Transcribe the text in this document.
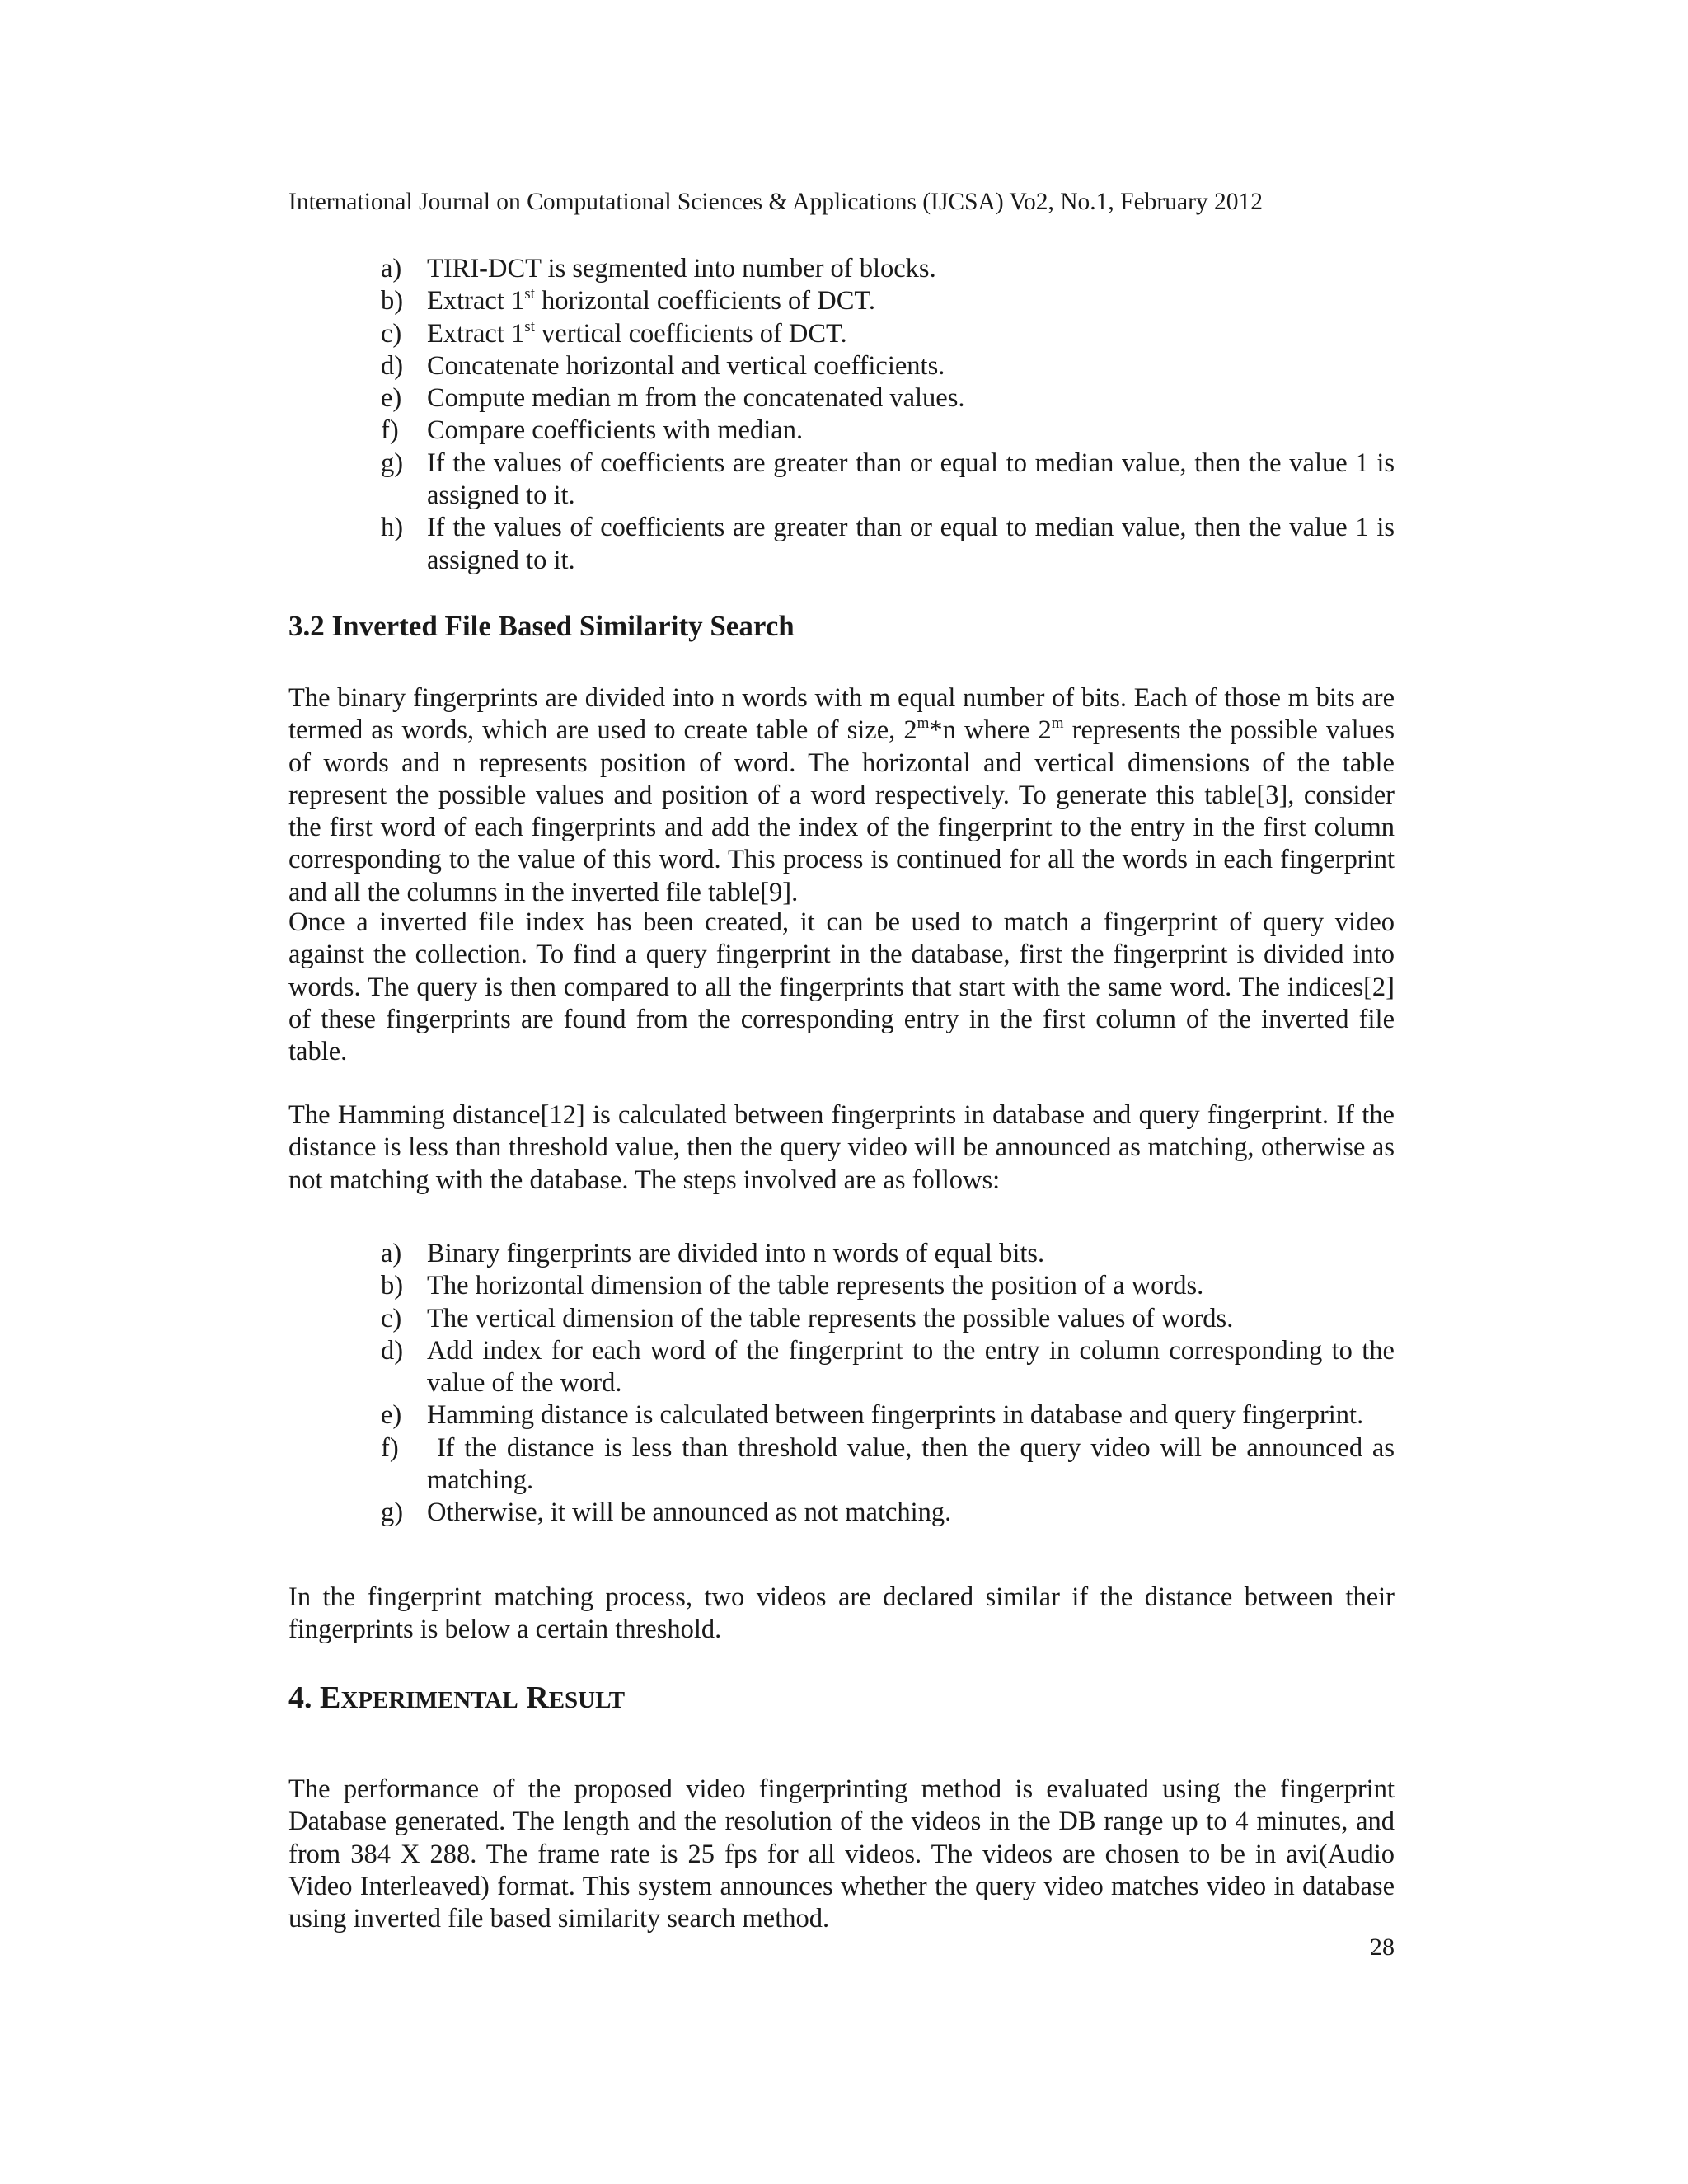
International Journal on Computational Sciences & Applications (IJCSA) Vo2, No.1, February 2012
a) TIRI-DCT is segmented into number of blocks.
b) Extract 1st horizontal coefficients of DCT.
c) Extract 1st vertical coefficients of DCT.
d) Concatenate horizontal and vertical coefficients.
e) Compute median m from the concatenated values.
f) Compare coefficients with median.
g) If the values of coefficients are greater than or equal to median value, then the value 1 is assigned to it.
h) If the values of coefficients are greater than or equal to median value, then the value 1 is assigned to it.
3.2 Inverted File Based Similarity Search

The binary fingerprints are divided into n words with m equal number of bits. Each of those m bits are termed as words, which are used to create table of size, 2$^m$*n where 2$^m$ represents the possible values of words and n represents position of word. The horizontal and vertical dimensions of the table represent the possible values and position of a word respectively. To generate this table[3], consider the first word of each fingerprints and add the index of the fingerprint to the entry in the first column corresponding to the value of this word. This process is continued for all the words in each fingerprint and all the columns in the inverted file table[9].

Once a inverted file index has been created, it can be used to match a fingerprint of query video against the collection. To find a query fingerprint in the database, first the fingerprint is divided into words. The query is then compared to all the fingerprints that start with the same word. The indices[2] of these fingerprints are found from the corresponding entry in the first column of the inverted file table.

The Hamming distance[12] is calculated between fingerprints in database and query fingerprint. If the distance is less than threshold value, then the query video will be announced as matching, otherwise as not matching with the database. The steps involved are as follows:

a) Binary fingerprints are divided into n words of equal bits.
b) The horizontal dimension of the table represents the position of a words.
c) The vertical dimension of the table represents the possible values of words.
d) Add index for each word of the fingerprint to the entry in column corresponding to the value of the word.
e) Hamming distance is calculated between fingerprints in database and query fingerprint.
f) If the distance is less than threshold value, then the query video will be announced as matching.
g) Otherwise, it will be announced as not matching.

In the fingerprint matching process, two videos are declared similar if the distance between their fingerprints is below a certain threshold.

4. EXPERIMENTAL RESULT

The performance of the proposed video fingerprinting method is evaluated using the fingerprint Database generated. The length and the resolution of the videos in the DB range up to 4 minutes, and from 384 X 288. The frame rate is 25 fps for all videos. The videos are chosen to be in avi(Audio Video Interleaved) format. This system announces whether the query video matches video in database using inverted file based similarity search method.

28
